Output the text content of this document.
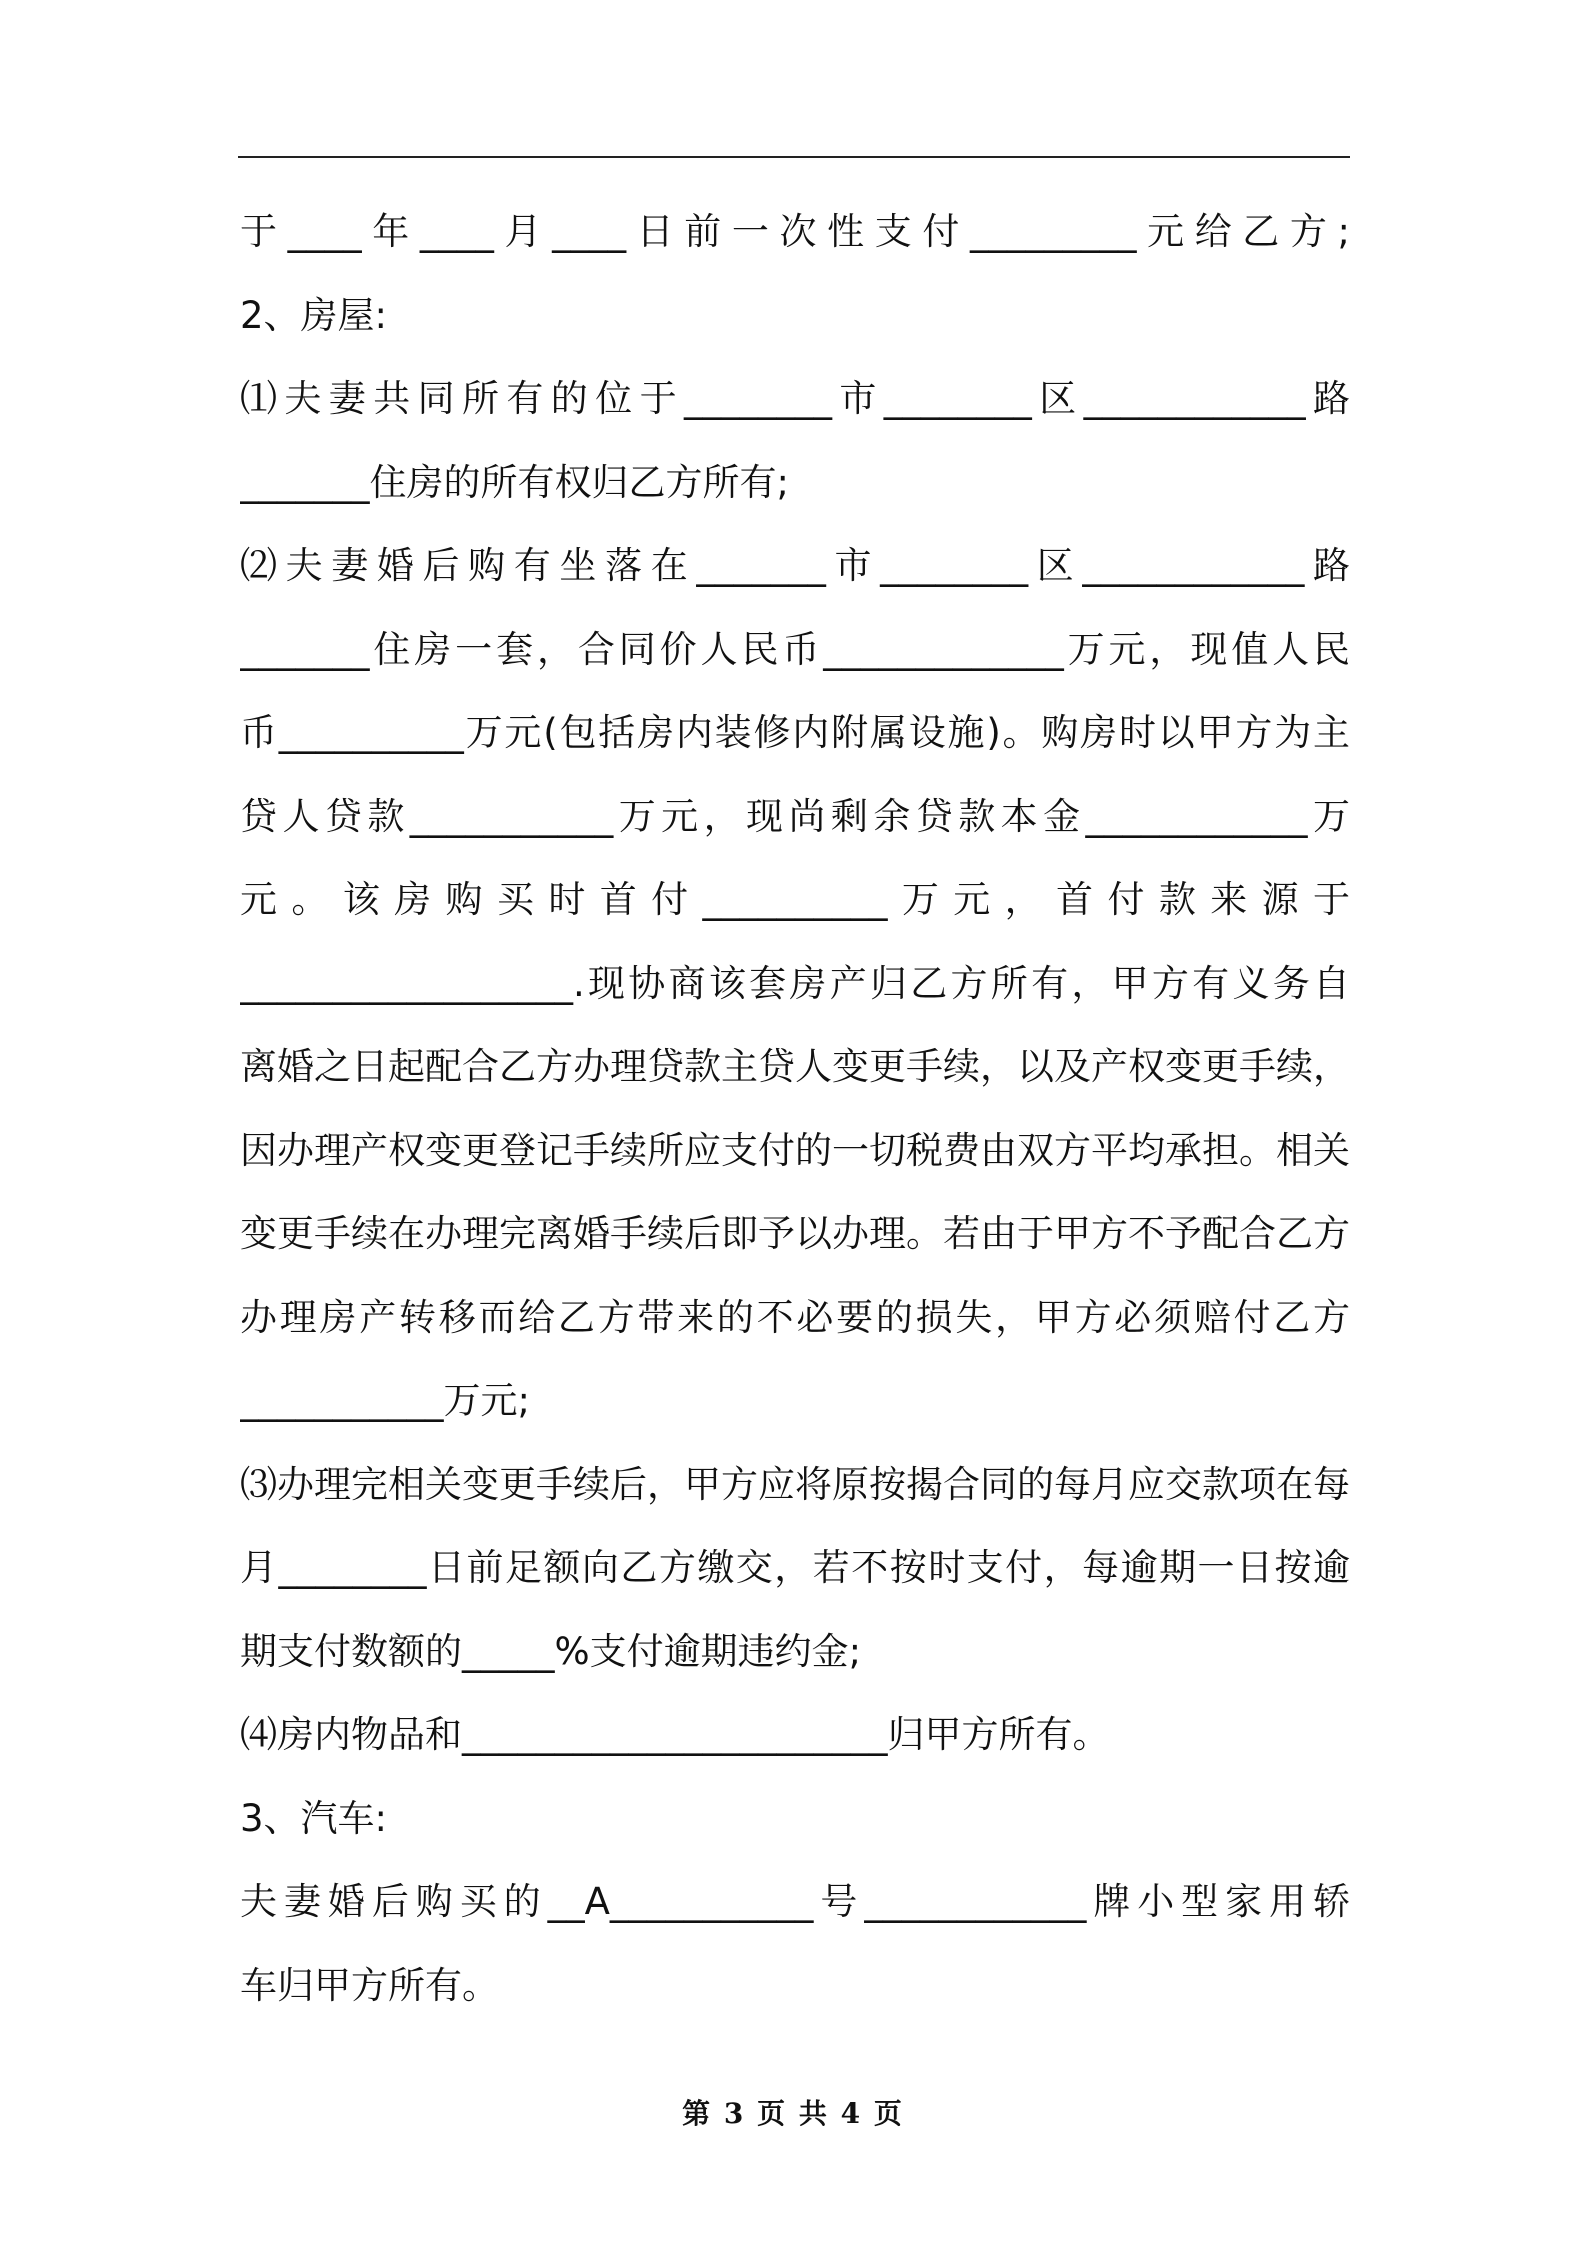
于____年____月____日前一次性支付_________元给乙方;
2、房屋:
⑴夫妻共同所有的位于________市________区____________路
_______住房的所有权归乙方所有;
⑵夫妻婚后购有坐落在_______市________区____________路
_______住房一套，合同价人民币_____________万元，现值人民
币__________万元(包括房内装修内附属设施)。购房时以甲方为主
贷人贷款___________万元，现尚剩余贷款本金____________万
元。该房购买时首付__________万元，首付款来源于
__________________.现协商该套房产归乙方所有，甲方有义务自
离婚之日起配合乙方办理贷款主贷人变更手续，以及产权变更手续，
因办理产权变更登记手续所应支付的一切税费由双方平均承担。相关
变更手续在办理完离婚手续后即予以办理。若由于甲方不予配合乙方
办理房产转移而给乙方带来的不必要的损失，甲方必须赔付乙方
___________万元;
⑶办理完相关变更手续后，甲方应将原按揭合同的每月应交款项在每
月________日前足额向乙方缴交，若不按时支付，每逾期一日按逾
期支付数额的_____%支付逾期违约金;
⑷房内物品和_______________________归甲方所有。
3、汽车:
夫妻婚后购买的__A___________号____________牌小型家用轿
车归甲方所有。
第 3 页 共 4 页
